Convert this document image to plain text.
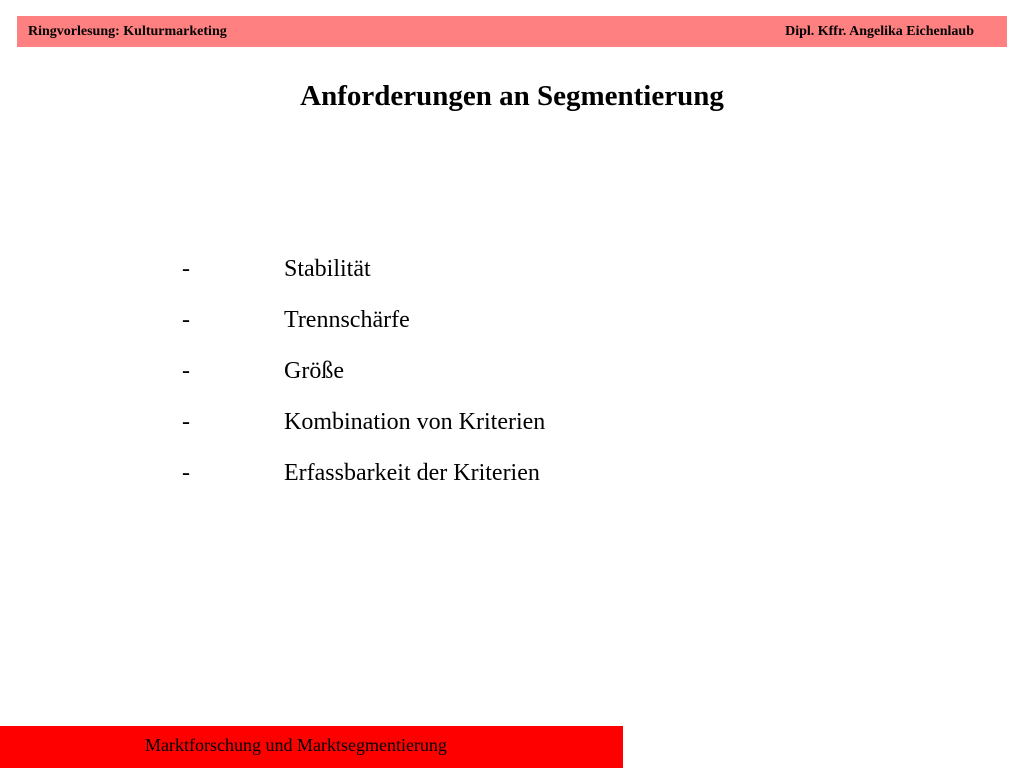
Ringvorlesung: Kulturmarketing	Dipl. Kffr. Angelika Eichenlaub
Anforderungen an Segmentierung
-	Stabilität
-	Trennschärfe
-	Größe
-	Kombination von Kriterien
-	Erfassbarkeit der Kriterien
Marktforschung und Marktsegmentierung
